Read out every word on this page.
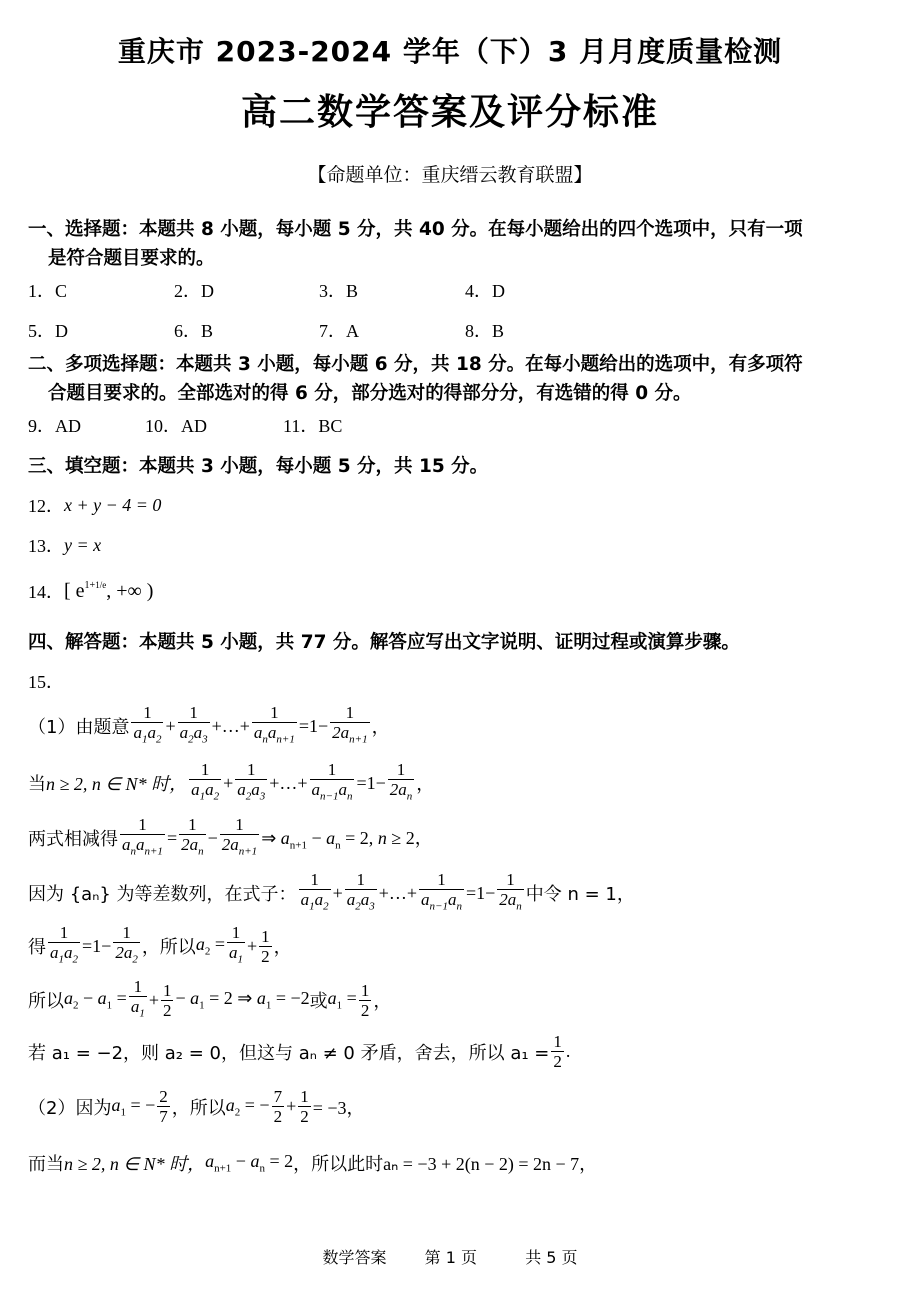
重庆市 2023-2024 学年（下）3 月月度质量检测
高二数学答案及评分标准
【命题单位：重庆缙云教育联盟】
一、选择题：本题共 8 小题，每小题 5 分，共 40 分。在每小题给出的四个选项中，只有一项
是符合题目要求的。
1．C	2．D	3．B	4．D
5．D	6．B	7．A	8．B
二、多项选择题：本题共 3 小题，每小题 6 分，共 18 分。在每小题给出的选项中，有多项符
合题目要求的。全部选对的得 6 分，部分选对的得部分分，有选错的得 0 分。
9．AD	10．AD	11．BC
三、填空题：本题共 3 小题，每小题 5 分，共 15 分。
12． x + y − 4 = 0
13． y = x
14． [ $e^{1+1/e}$, +∞ )
四、解答题：本题共 5 小题，共 77 分。解答应写出文字说明、证明过程或演算步骤。
15．
（1）由题意 $\frac{1}{a_1a_2} + \frac{1}{a_2a_3}$ +…+ $\frac{1}{a_na_{n+1}} =1- \frac{1}{2a_{n+1}}$ ，
当 n ≥ 2, n ∈ N* 时， $\frac{1}{a_1a_2} + \frac{1}{a_2a_3}$ +…+ $\frac{1}{a_{n-1}a_n} =1- \frac{1}{2a_n}$ ，
两式相减得 $\frac{1}{a_na_{n+1}} = \frac{1}{2a_n} - \frac{1}{2a_{n+1}}$ ⇒ $a_{n+1} - a_n = 2$, n ≥ 2，
因为 {aₙ} 为等差数列，在式子： $\frac{1}{a_1a_2} + \frac{1}{a_2a_3}$ +…+ $\frac{1}{a_{n-1}a_n} =1- \frac{1}{2a_n}$ 中令 n = 1，
得 $\frac{1}{a_1a_2} =1- \frac{1}{2a_2}$ ，所以 $a_2 = \frac{1}{a_1} + \frac{1}{2}$ ，
所以 $a_2 - a_1 = \frac{1}{a_1} + \frac{1}{2} - a_1 = 2$ ⇒ $a_1 = -2$ 或 $a_1 = \frac{1}{2}$ ，
若 a₁ = −2，则 a₂ = 0，但这与 aₙ ≠ 0 矛盾，舍去，所以 $a_1 = \frac{1}{2}$ .
（2）因为 $a_1$ = − $\frac{2}{7}$ ，所以 $a_2$ = − $\frac{7}{2} + \frac{1}{2} = -3$，
而当 n ≥ 2, n ∈ N* 时， $a_{n+1} - a_n = 2$ ，所以此时 aₙ = −3 + 2(n − 2) = 2n − 7，
数学答案 第 1 页	共 5 页
